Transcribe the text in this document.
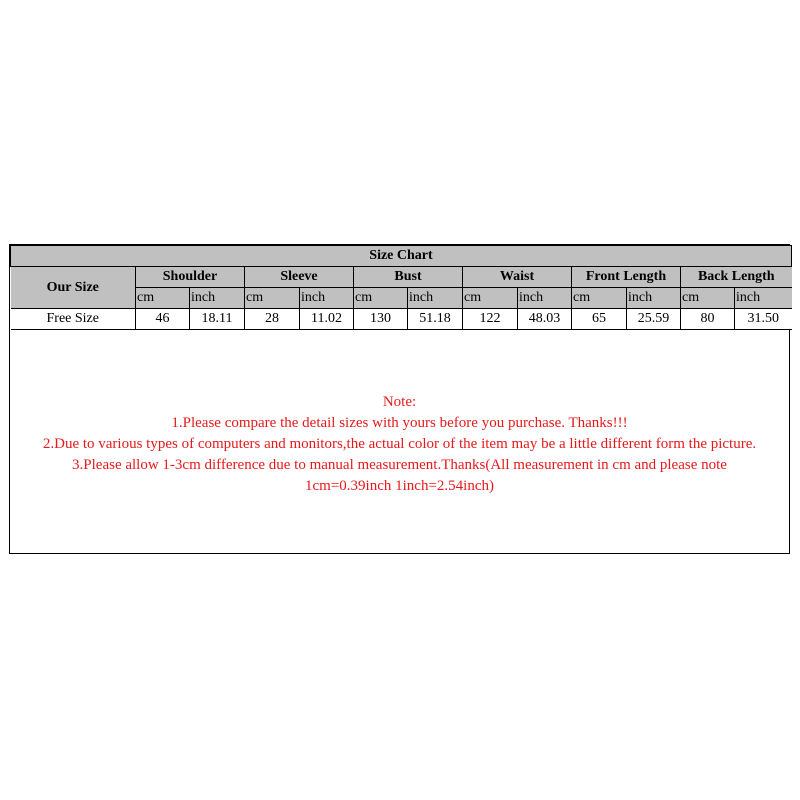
Size Chart												
Our Size	Shoulder		Sleeve		Bust		Waist		Front Length		Back Length	
	cm	inch	cm	inch	cm	inch	cm	inch	cm	inch	cm	inch
Free Size	46	18.11	28	11.02	130	51.18	122	48.03	65	25.59	80	31.50
Note:
1.Please compare the detail sizes with yours before you purchase. Thanks!!!
2.Due to various types of computers and monitors,the actual color of the item may be a little different form the picture.
3.Please allow 1-3cm difference due to manual measurement.Thanks(All measurement in cm and please note
1cm=0.39inch 1inch=2.54inch)
